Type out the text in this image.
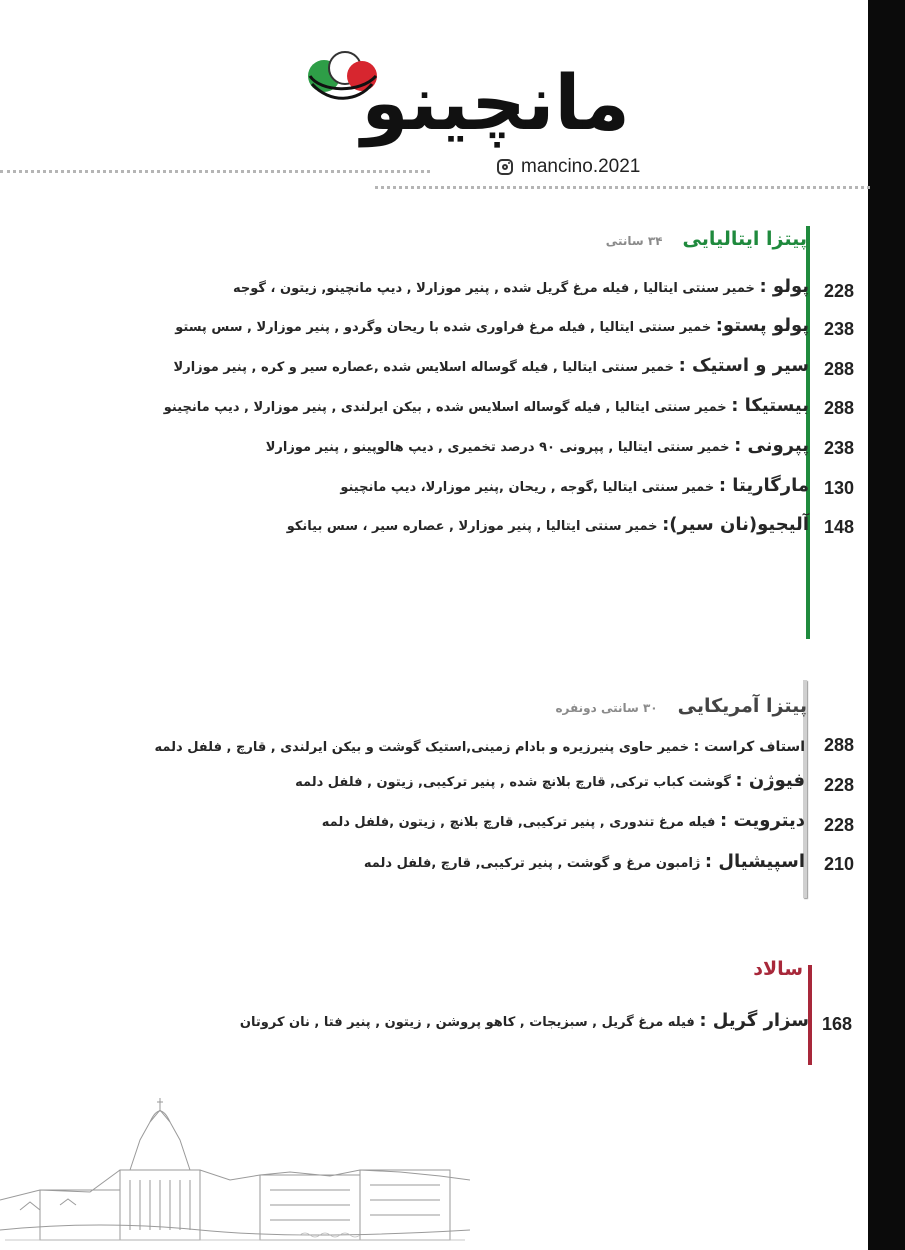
مانچینو
mancino.2021
پیتزا ایتالیایی
۳۴ سانتی
پولو : خمیر سنتی ایتالیا , فیله مرغ گریل شده , پنیر موزارلا , دیپ مانچینو, زیتون ، گوجه	228
پولو پستو: خمیر سنتی ایتالیا , فیله مرغ فراوری شده با ریحان وگردو , پنیر موزارلا , سس پستو	238
سیر و استیک : خمیر سنتی ایتالیا , فیله گوساله اسلایس شده ,عصاره سیر و کره , پنیر موزارلا	288
بیستیکا : خمیر سنتی ایتالیا , فیله گوساله اسلایس شده , بیکن ایرلندی , پنیر موزارلا , دیپ مانچینو	288
پپرونی : خمیر سنتی ایتالیا , پپرونی ۹۰ درصد تخمیری , دیپ هالوپینو , پنیر موزارلا	238
مارگاریتا : خمیر سنتی ایتالیا ,گوجه , ریحان ,پنیر موزارلا، دیپ مانچینو	130
آلیجیو(نان سیر): خمیر سنتی ایتالیا , پنیر موزارلا , عصاره سیر ، سس بیانکو	148
پیتزا آمریکایی
۳۰ سانتی دونفره
استاف کراست : خمیر حاوی پنیرزیره و بادام زمینی,استیک گوشت و بیکن ایرلندی , قارچ , فلفل دلمه	288
فیوژن : گوشت کباب ترکی, قارچ بلانچ شده , پنیر ترکیبی, زیتون , فلفل دلمه	228
دیترویت : فیله مرغ تندوری , پنیر ترکیبی, قارچ بلانچ , زیتون ,فلفل دلمه	228
اسپیشیال : ژامبون مرغ و گوشت , پنیر ترکیبی, قارچ ,فلفل دلمه	210
سالاد
سزار گریل : فیله مرغ گریل , سبزیجات , کاهو پروشن , زیتون , پنیر فتا , نان کروتان	168
